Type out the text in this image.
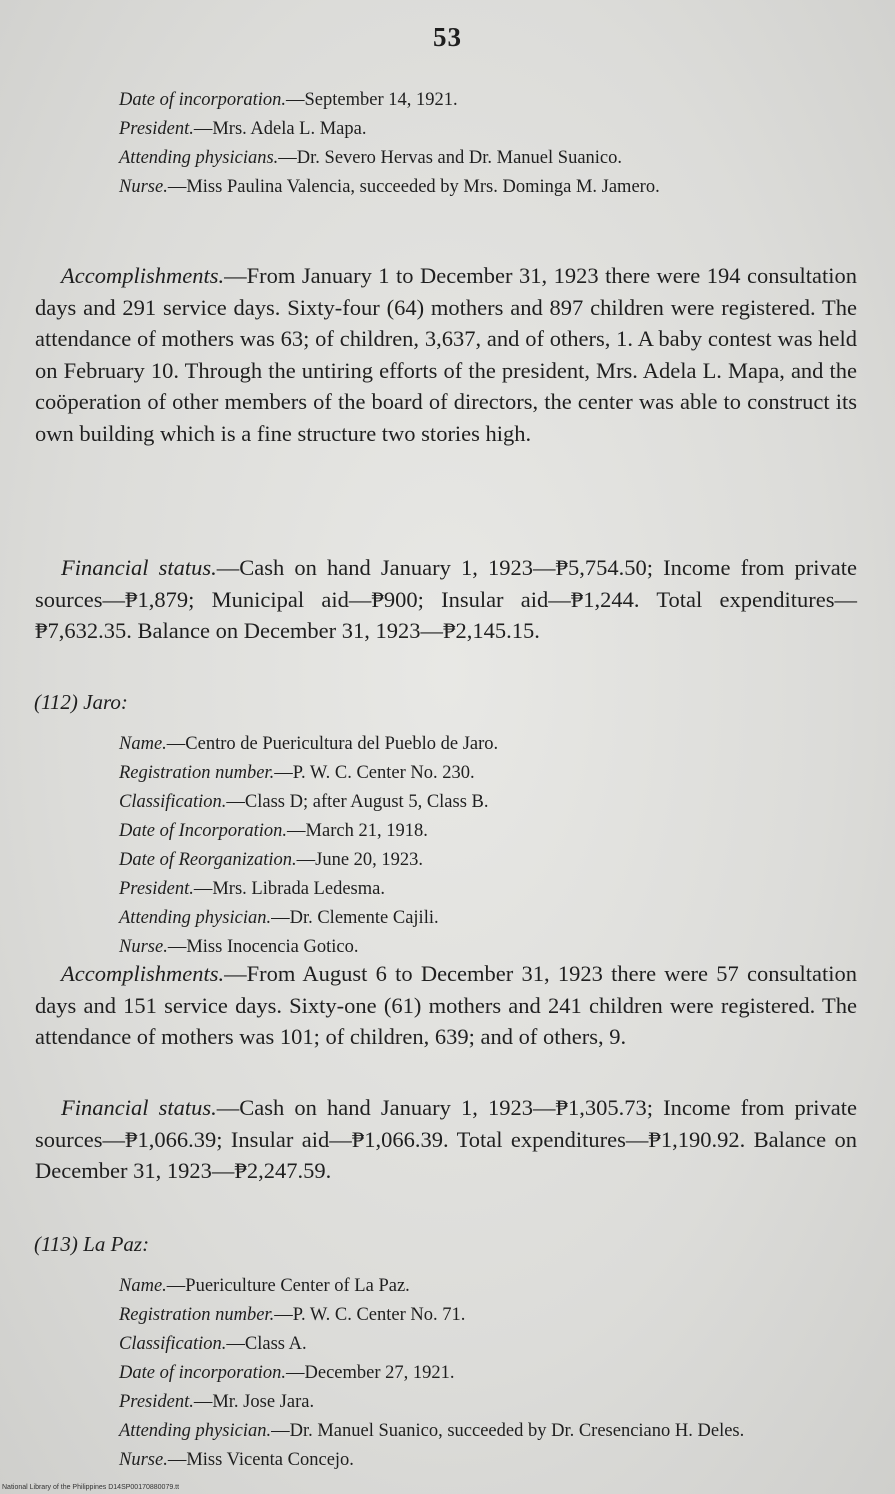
53
Date of incorporation.—September 14, 1921.
President.—Mrs. Adela L. Mapa.
Attending physicians.—Dr. Severo Hervas and Dr. Manuel Suanico.
Nurse.—Miss Paulina Valencia, succeeded by Mrs. Dominga M. Jamero.
Accomplishments.—From January 1 to December 31, 1923 there were 194 consultation days and 291 service days. Sixty-four (64) mothers and 897 children were registered. The attendance of mothers was 63; of children, 3,637, and of others, 1. A baby contest was held on February 10. Through the untiring efforts of the president, Mrs. Adela L. Mapa, and the coöperation of other members of the board of directors, the center was able to construct its own building which is a fine structure two stories high.
Financial status.—Cash on hand January 1, 1923—₱5,754.50; Income from private sources—₱1,879; Municipal aid—₱900; Insular aid—₱1,244. Total expenditures—₱7,632.35. Balance on December 31, 1923—₱2,145.15.
(112) Jaro:
Name.—Centro de Puericultura del Pueblo de Jaro.
Registration number.—P. W. C. Center No. 230.
Classification.—Class D; after August 5, Class B.
Date of Incorporation.—March 21, 1918.
Date of Reorganization.—June 20, 1923.
President.—Mrs. Librada Ledesma.
Attending physician.—Dr. Clemente Cajili.
Nurse.—Miss Inocencia Gotico.
Accomplishments.—From August 6 to December 31, 1923 there were 57 consultation days and 151 service days. Sixty-one (61) mothers and 241 children were registered. The attendance of mothers was 101; of children, 639; and of others, 9.
Financial status.—Cash on hand January 1, 1923—₱1,305.73; Income from private sources—₱1,066.39; Insular aid—₱1,066.39. Total expenditures—₱1,190.92. Balance on December 31, 1923—₱2,247.59.
(113) La Paz:
Name.—Puericulture Center of La Paz.
Registration number.—P. W. C. Center No. 71.
Classification.—Class A.
Date of incorporation.—December 27, 1921.
President.—Mr. Jose Jara.
Attending physician.—Dr. Manuel Suanico, succeeded by Dr. Cresenciano H. Deles.
Nurse.—Miss Vicenta Concejo.
National Library of the Philippines D14SP00170880079.tt
